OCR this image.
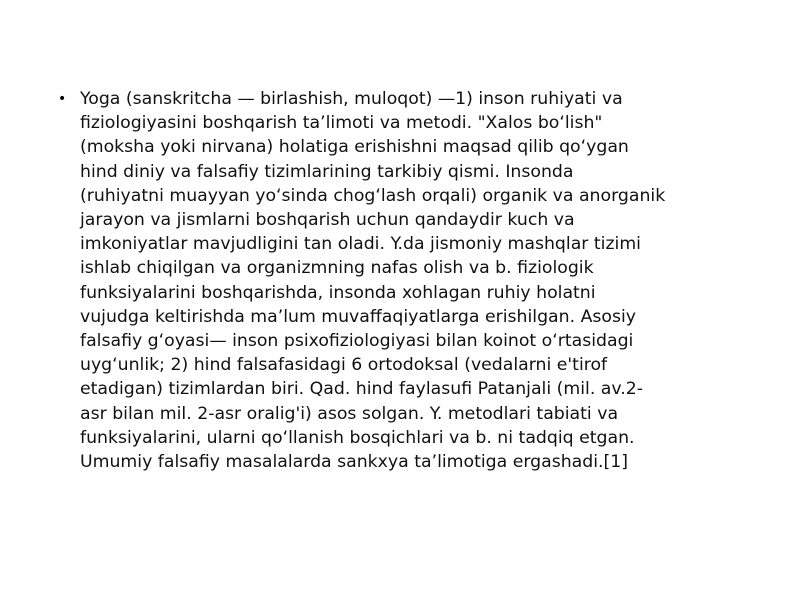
• Yoga (sanskritcha — birlashish, muloqot) —1) inson ruhiyati va
fiziologiyasini boshqarish ta’limoti va metodi. "Xalos boʻlish"
(moksha yoki nirvana) holatiga erishishni maqsad qilib qoʻygan
hind diniy va falsafiy tizimlarining tarkibiy qismi. Insonda
(ruhiyatni muayyan yoʻsinda chogʻlash orqali) organik va anorganik
jarayon va jismlarni boshqarish uchun qandaydir kuch va
imkoniyatlar mavjudligini tan oladi. Y.da jismoniy mashqlar tizimi
ishlab chiqilgan va organizmning nafas olish va b. fiziologik
funksiyalarini boshqarishda, insonda xohlagan ruhiy holatni
vujudga keltirishda ma’lum muvaffaqiyatlarga erishilgan. Asosiy
falsafiy gʻoyasi— inson psixofiziologiyasi bilan koinot oʻrtasidagi
uygʻunlik; 2) hind falsafasidagi 6 ortodoksal (vedalarni e'tirof
etadigan) tizimlardan biri. Qad. hind faylasufi Patanjali (mil. av.2-
asr bilan mil. 2-asr oralig'i) asos solgan. Y. metodlari tabiati va
funksiyalarini, ularni qoʻllanish bosqichlari va b. ni tadqiq etgan.
Umumiy falsafiy masalalarda sankxya ta’limotiga ergashadi.[1]
